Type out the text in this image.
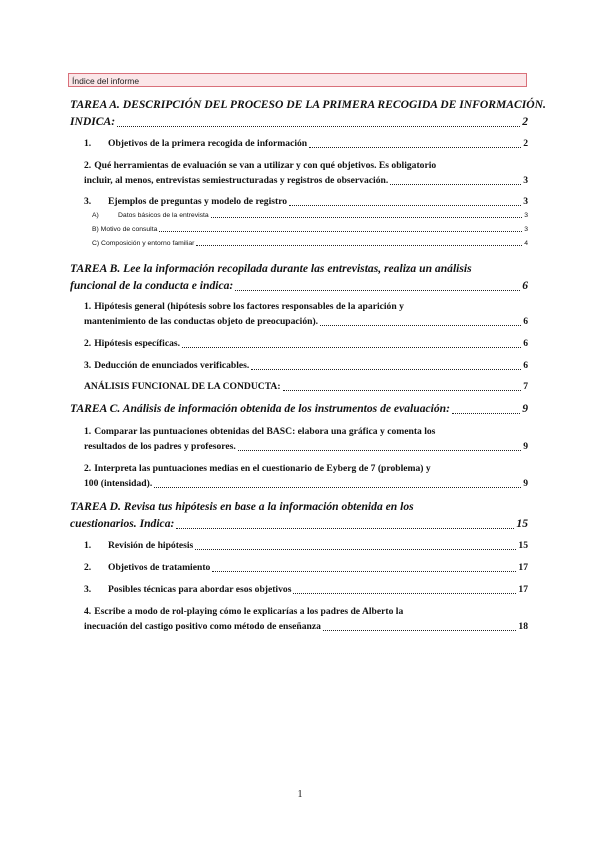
Índice del informe
TAREA A. DESCRIPCIÓN DEL PROCESO DE LA PRIMERA RECOGIDA DE INFORMACIÓN.
INDICA:	2
1.	Objetivos de la primera recogida de información	2
2. Qué herramientas de evaluación se van a utilizar y con qué objetivos. Es obligatorio
incluir, al menos, entrevistas semiestructuradas y registros de observación.	3
3.	Ejemplos de preguntas y modelo de registro	3
A)	Datos básicos de la entrevista	3
B) Motivo de consulta	3
C) Composición y entorno familiar	4
TAREA B. Lee la información recopilada durante las entrevistas, realiza un análisis
funcional de la conducta e indica:	6
1. Hipótesis general (hipótesis sobre los factores responsables de la aparición y
mantenimiento de las conductas objeto de preocupación).	6
2. Hipótesis específicas.	6
3. Deducción de enunciados verificables.	6
ANÁLISIS FUNCIONAL DE LA CONDUCTA:	7
TAREA C. Análisis de información obtenida de los instrumentos de evaluación:	9
1. Comparar las puntuaciones obtenidas del BASC: elabora una gráfica y comenta los
resultados de los padres y profesores.	9
2. Interpreta las puntuaciones medias en el cuestionario de Eyberg de 7 (problema) y
100 (intensidad).	9
TAREA D. Revisa tus hipótesis en base a la información obtenida en los
cuestionarios. Indica:	15
1.	Revisión de hipótesis	15
2.	Objetivos de tratamiento	17
3.	Posibles técnicas para abordar esos objetivos	17
4. Escribe a modo de rol-playing cómo le explicarías a los padres de Alberto la
inecuación del castigo positivo como método de enseñanza	18
1
